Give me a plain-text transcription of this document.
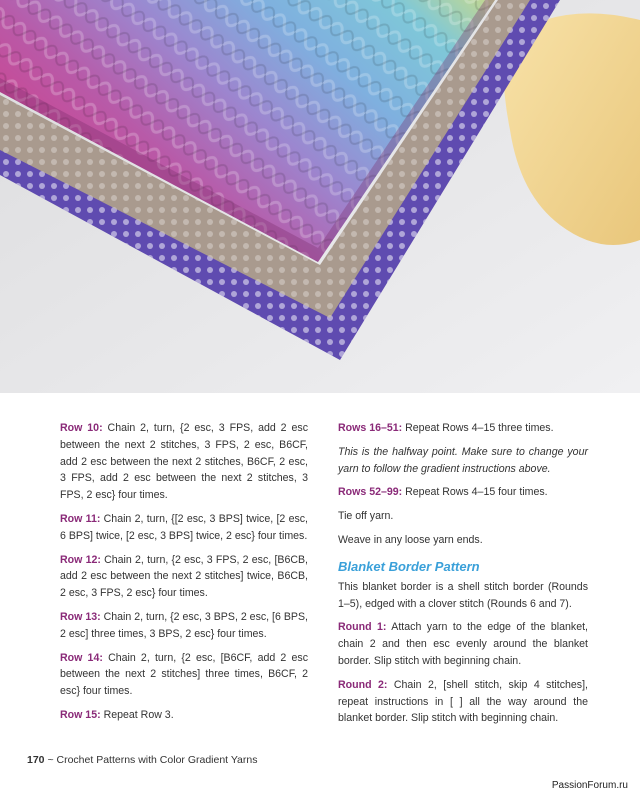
Row 10: Chain 2, turn, {2 esc, 3 FPS, add 2 esc between the next 2 stitches, 3 FPS, 2 esc, B6CF, add 2 esc between the next 2 stitches, B6CF, 2 esc, 3 FPS, add 2 esc between the next 2 stitches, 3 FPS, 2 esc} four times.

Row 11: Chain 2, turn, {[2 esc, 3 BPS] twice, [2 esc, 6 BPS] twice, [2 esc, 3 BPS] twice, 2 esc} four times.

Row 12: Chain 2, turn, {2 esc, 3 FPS, 2 esc, [B6CB, add 2 esc between the next 2 stitches] twice, B6CB, 2 esc, 3 FPS, 2 esc} four times.

Row 13: Chain 2, turn, {2 esc, 3 BPS, 2 esc, [6 BPS, 2 esc] three times, 3 BPS, 2 esc} four times.

Row 14: Chain 2, turn, {2 esc, [B6CF, add 2 esc between the next 2 stitches] three times, B6CF, 2 esc} four times.

Row 15: Repeat Row 3.

Rows 16–51: Repeat Rows 4–15 three times.

This is the halfway point. Make sure to change your yarn to follow the gradient instructions above.

Rows 52–99: Repeat Rows 4–15 four times.

Tie off yarn.

Weave in any loose yarn ends.

Blanket Border Pattern

This blanket border is a shell stitch border (Rounds 1–5), edged with a clover stitch (Rounds 6 and 7).

Round 1: Attach yarn to the edge of the blanket, chain 2 and then esc evenly around the blanket border. Slip stitch with beginning chain.

Round 2: Chain 2, [shell stitch, skip 4 stitches], repeat instructions in [ ] all the way around the blanket border. Slip stitch with beginning chain.

170 ~ Crochet Patterns with Color Gradient Yarns
PassionForum.ru
